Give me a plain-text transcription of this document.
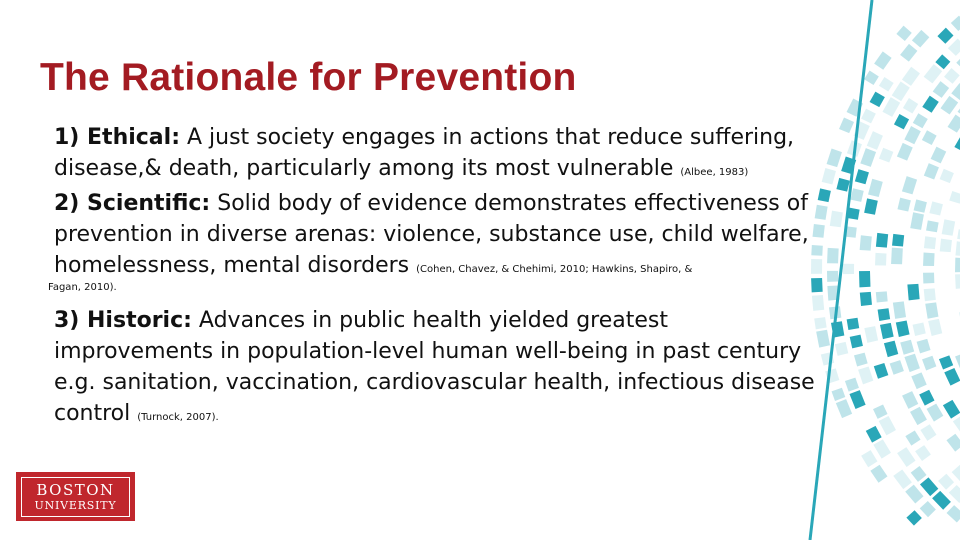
The Rationale for Prevention

1) Ethical: A just society engages in actions that reduce suffering, disease,& death, particularly among its most vulnerable (Albee, 1983)

2) Scientific: Solid body of evidence demonstrates effectiveness of prevention in diverse arenas: violence, substance use, child welfare, homelessness, mental disorders (Cohen, Chavez, & Chehimi, 2010; Hawkins, Shapiro, &
Fagan, 2010).

3) Historic: Advances in public health yielded greatest improvements in population-level human well-being in past century e.g. sanitation, vaccination, cardiovascular health, infectious disease control (Turnock, 2007).

BOSTON
UNIVERSITY
